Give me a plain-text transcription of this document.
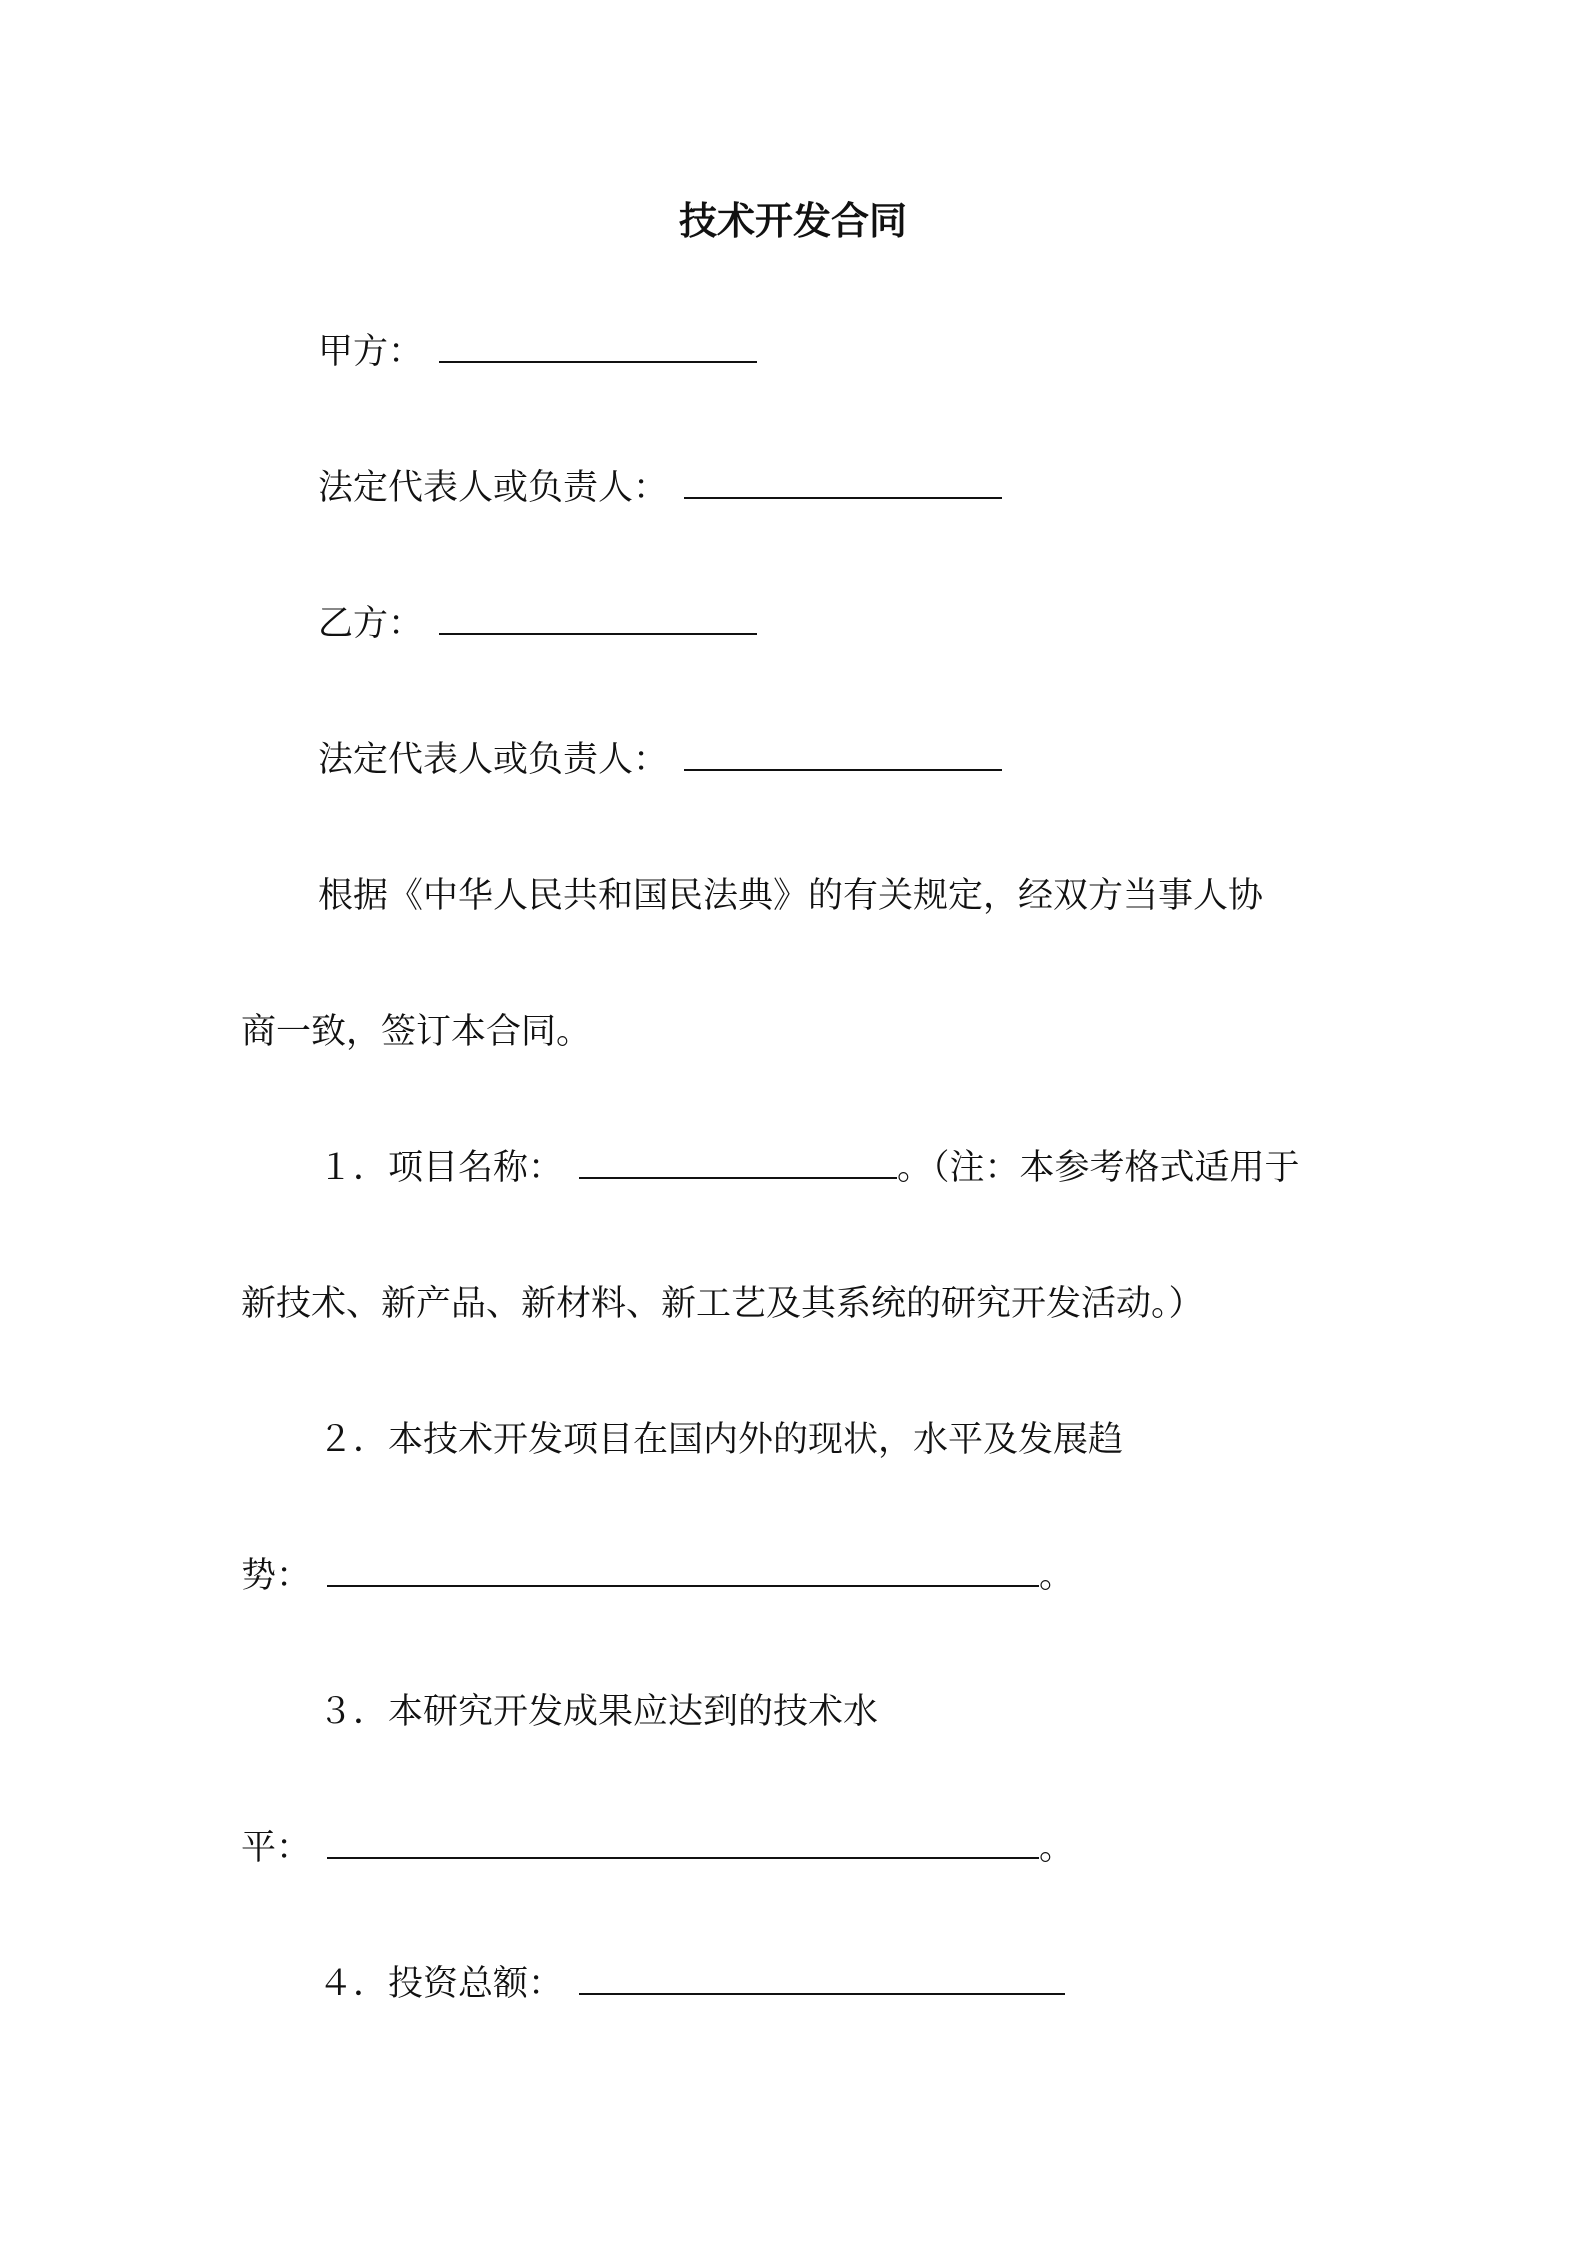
技术开发合同
甲方：
法定代表人或负责人：
乙方：
法定代表人或负责人：
根据《中华人民共和国民法典》的有关规定，经双方当事人协
商一致，签订本合同。
１．项目名称：	。（注：本参考格式适用于
新技术、新产品、新材料、新工艺及其系统的研究开发活动。）
２．本技术开发项目在国内外的现状，水平及发展趋
势：	。
３．本研究开发成果应达到的技术水
平：	。
４．投资总额：
